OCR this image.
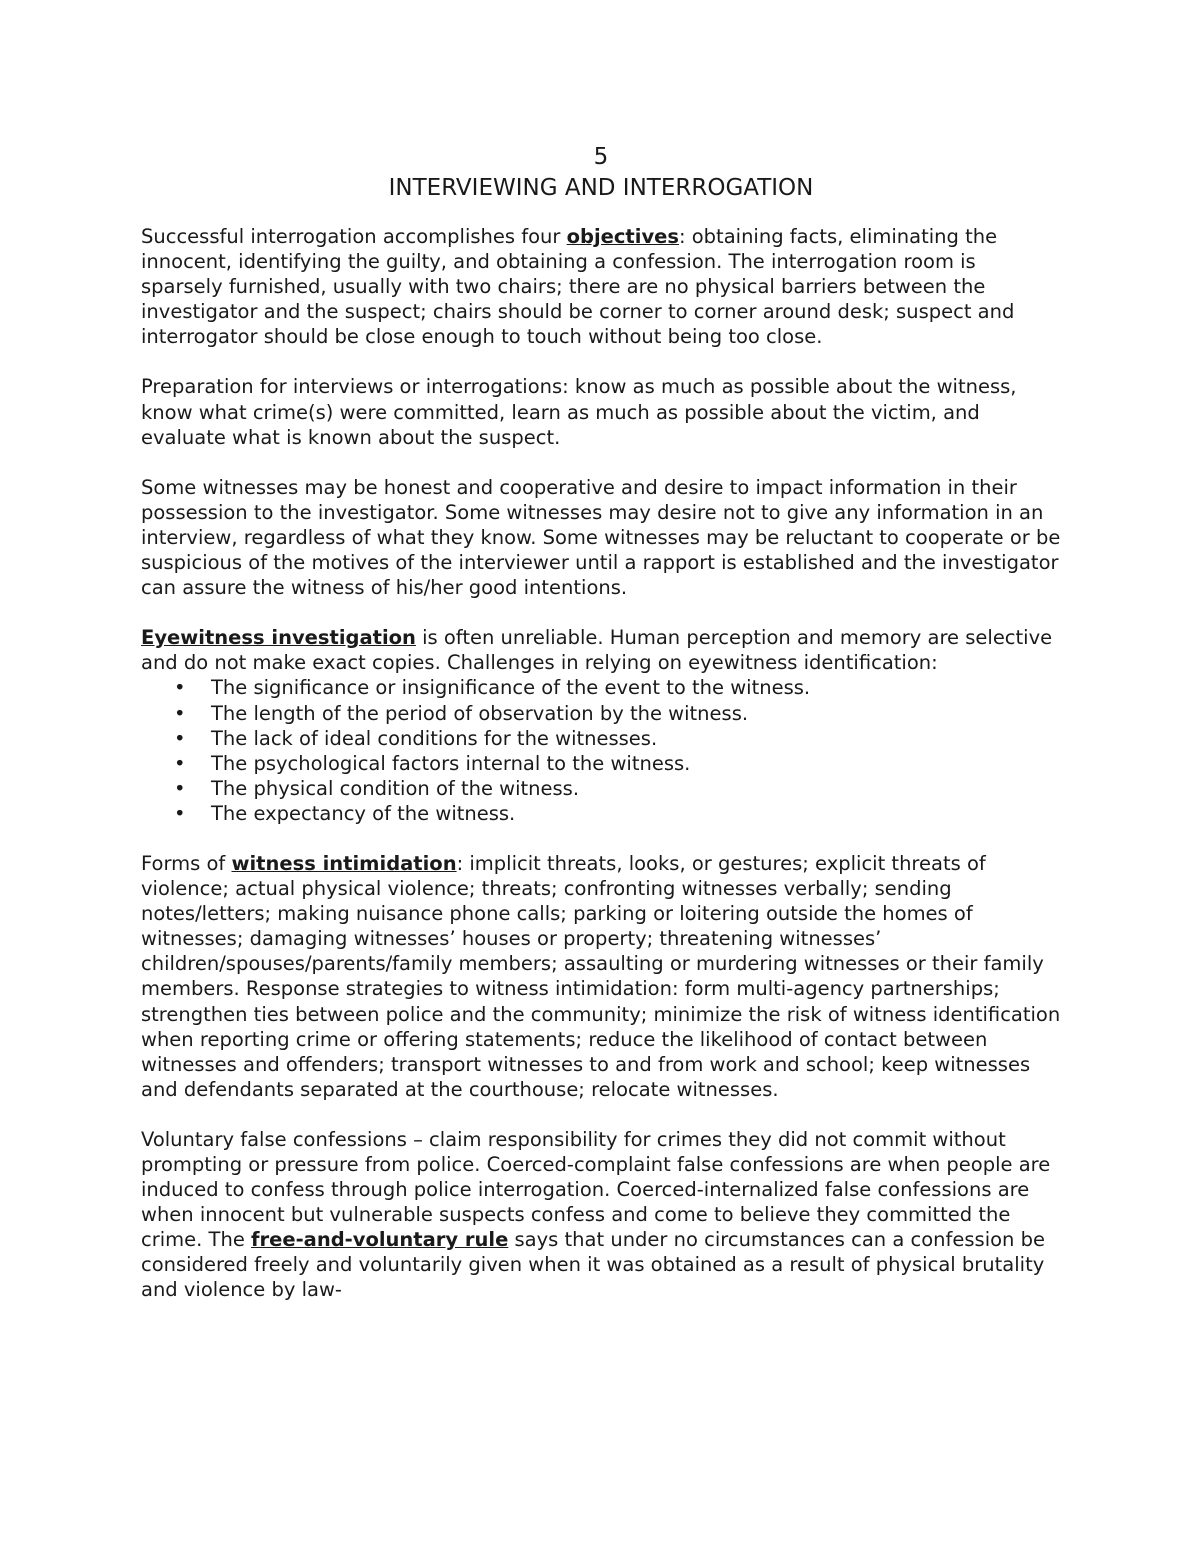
5
INTERVIEWING AND INTERROGATION

Successful interrogation accomplishes four objectives: obtaining facts, eliminating the innocent, identifying the guilty, and obtaining a confession. The interrogation room is sparsely furnished, usually with two chairs; there are no physical barriers between the investigator and the suspect; chairs should be corner to corner around desk; suspect and interrogator should be close enough to touch without being too close.

Preparation for interviews or interrogations: know as much as possible about the witness, know what crime(s) were committed, learn as much as possible about the victim, and evaluate what is known about the suspect.

Some witnesses may be honest and cooperative and desire to impact information in their possession to the investigator. Some witnesses may desire not to give any information in an interview, regardless of what they know. Some witnesses may be reluctant to cooperate or be suspicious of the motives of the interviewer until a rapport is established and the investigator can assure the witness of his/her good intentions.

Eyewitness investigation is often unreliable. Human perception and memory are selective and do not make exact copies. Challenges in relying on eyewitness identification:

• The significance or insignificance of the event to the witness.
• The length of the period of observation by the witness.
• The lack of ideal conditions for the witnesses.
• The psychological factors internal to the witness.
• The physical condition of the witness.
• The expectancy of the witness.

Forms of witness intimidation: implicit threats, looks, or gestures; explicit threats of violence; actual physical violence; threats; confronting witnesses verbally; sending notes/letters; making nuisance phone calls; parking or loitering outside the homes of witnesses; damaging witnesses’ houses or property; threatening witnesses’ children/spouses/parents/family members; assaulting or murdering witnesses or their family members. Response strategies to witness intimidation: form multi-agency partnerships; strengthen ties between police and the community; minimize the risk of witness identification when reporting crime or offering statements; reduce the likelihood of contact between witnesses and offenders; transport witnesses to and from work and school; keep witnesses and defendants separated at the courthouse; relocate witnesses.

Voluntary false confessions – claim responsibility for crimes they did not commit without prompting or pressure from police. Coerced-complaint false confessions are when people are induced to confess through police interrogation. Coerced-internalized false confessions are when innocent but vulnerable suspects confess and come to believe they committed the crime. The free-and-voluntary rule says that under no circumstances can a confession be considered freely and voluntarily given when it was obtained as a result of physical brutality and violence by law-
